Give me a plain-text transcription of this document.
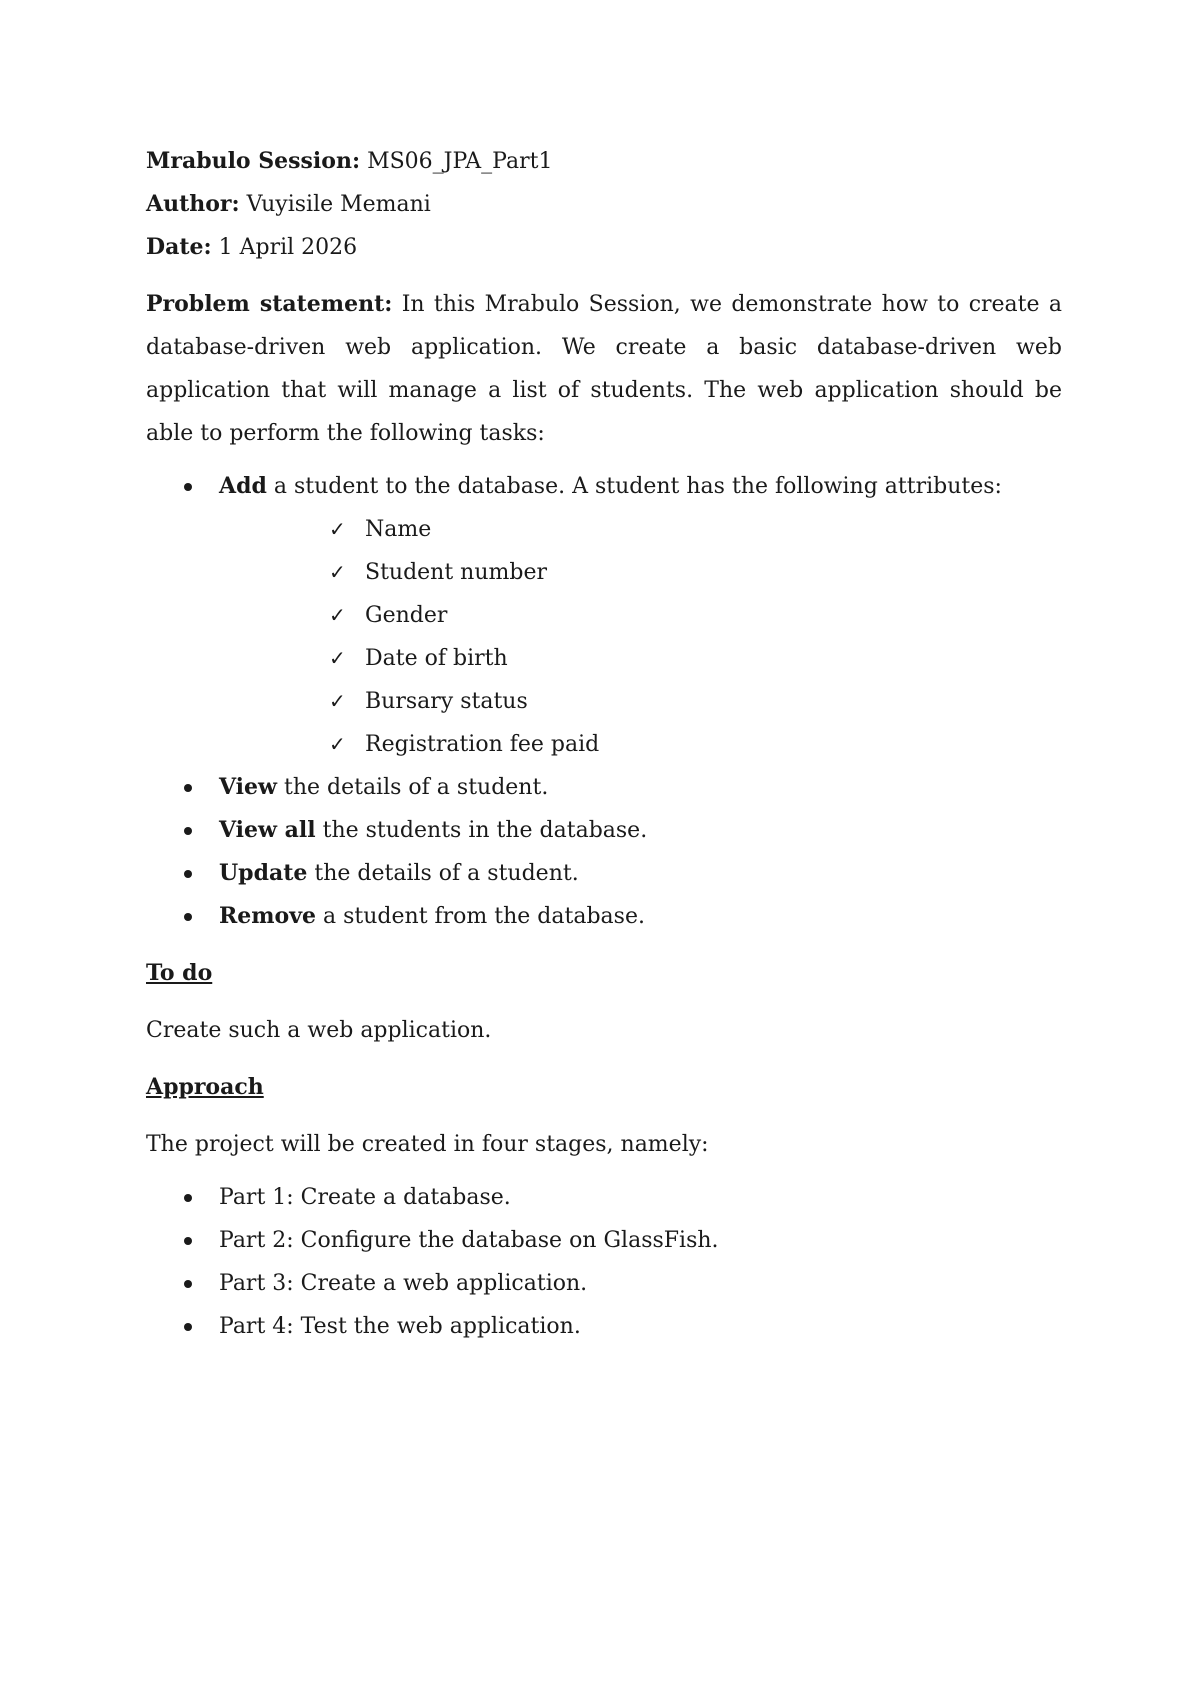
Mrabulo Session: MS06_JPA_Part1

Author: Vuyisile Memani

Date: 1 April 2026

Problem statement: In this Mrabulo Session, we demonstrate how to create a database-driven web application. We create a basic database-driven web application that will manage a list of students. The web application should be able to perform the following tasks:

Add a student to the database. A student has the following attributes:
✓ Name
✓ Student number
✓ Gender
✓ Date of birth
✓ Bursary status
✓ Registration fee paid
View the details of a student.
View all the students in the database.
Update the details of a student.
Remove a student from the database.

To do

Create such a web application.

Approach

The project will be created in four stages, namely:

Part 1: Create a database.
Part 2: Configure the database on GlassFish.
Part 3: Create a web application.
Part 4: Test the web application.
